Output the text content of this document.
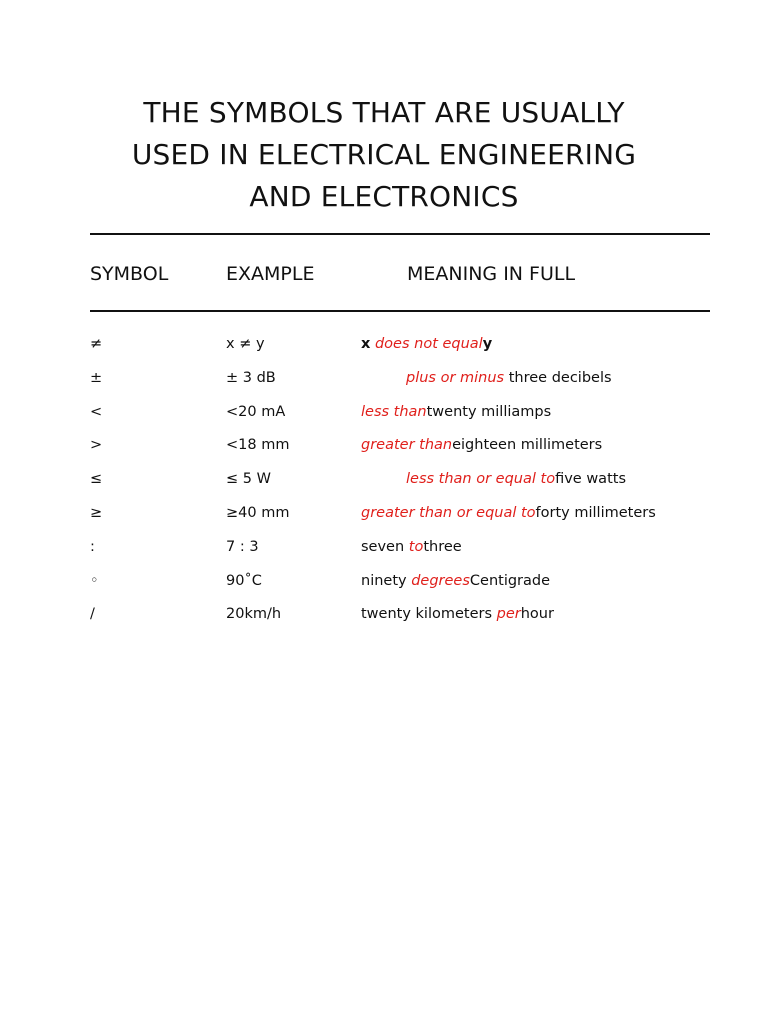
THE SYMBOLS THAT ARE USUALLY
USED IN ELECTRICAL ENGINEERING
AND ELECTRONICS
SYMBOL	EXAMPLE	MEANING IN FULL
≠	x ≠ y	x does not equaly
±	± 3 dB	plus or minus three decibels
<	<20 mA	less thantwenty milliamps
>	<18 mm	greater thaneighteen millimeters
≤	≤ 5 W	less than or equal tofive watts
≥	≥40 mm	greater than or equal toforty millimeters
:	7 : 3	seven tothree
◦	90˚C	ninety degreesCentigrade
/	20km/h	twenty kilometers perhour
